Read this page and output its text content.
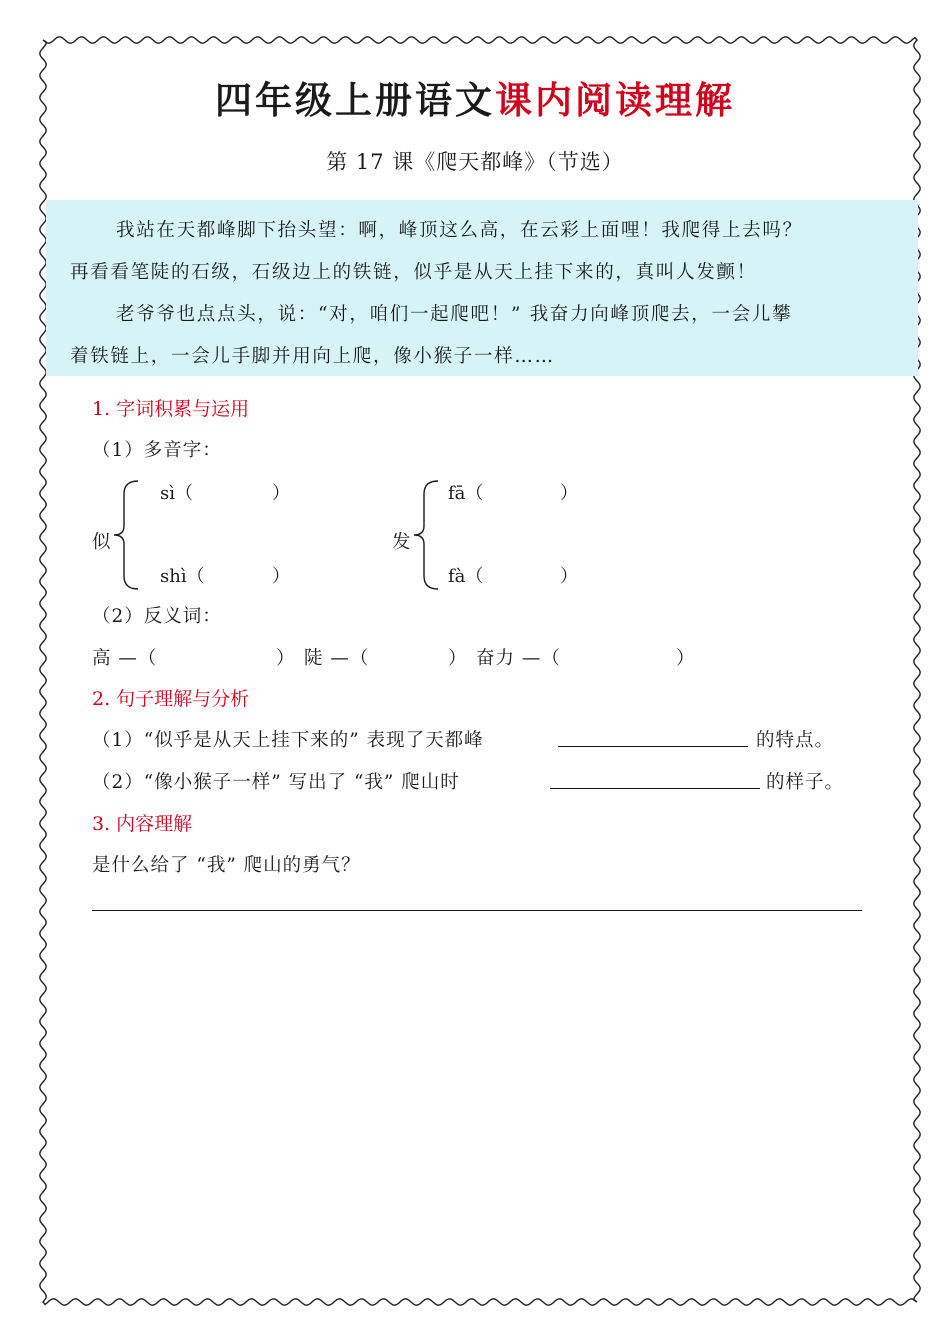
四年级上册语文课内阅读理解
第 17 课《爬天都峰》（节选）
我站在天都峰脚下抬头望：啊，峰顶这么高，在云彩上面哩！我爬得上去吗？
再看看笔陡的石级，石级边上的铁链，似乎是从天上挂下来的，真叫人发颤！
老爷爷也点点头，说：“对，咱们一起爬吧！” 我奋力向峰顶爬去，一会儿攀
着铁链上，一会儿手脚并用向上爬，像小猴子一样……
1. 字词积累与运用
（1）多音字：
似
sì（	）
shì（	）
发
fā（	）
fà（	）
（2）反义词：
高 —（	） 陡 —（	） 奋力 —（	）
2. 句子理解与分析
（1）“似乎是从天上挂下来的” 表现了天都峰	的特点。
（2）“像小猴子一样” 写出了 “我” 爬山时	的样子。
3. 内容理解
是什么给了 “我” 爬山的勇气？
